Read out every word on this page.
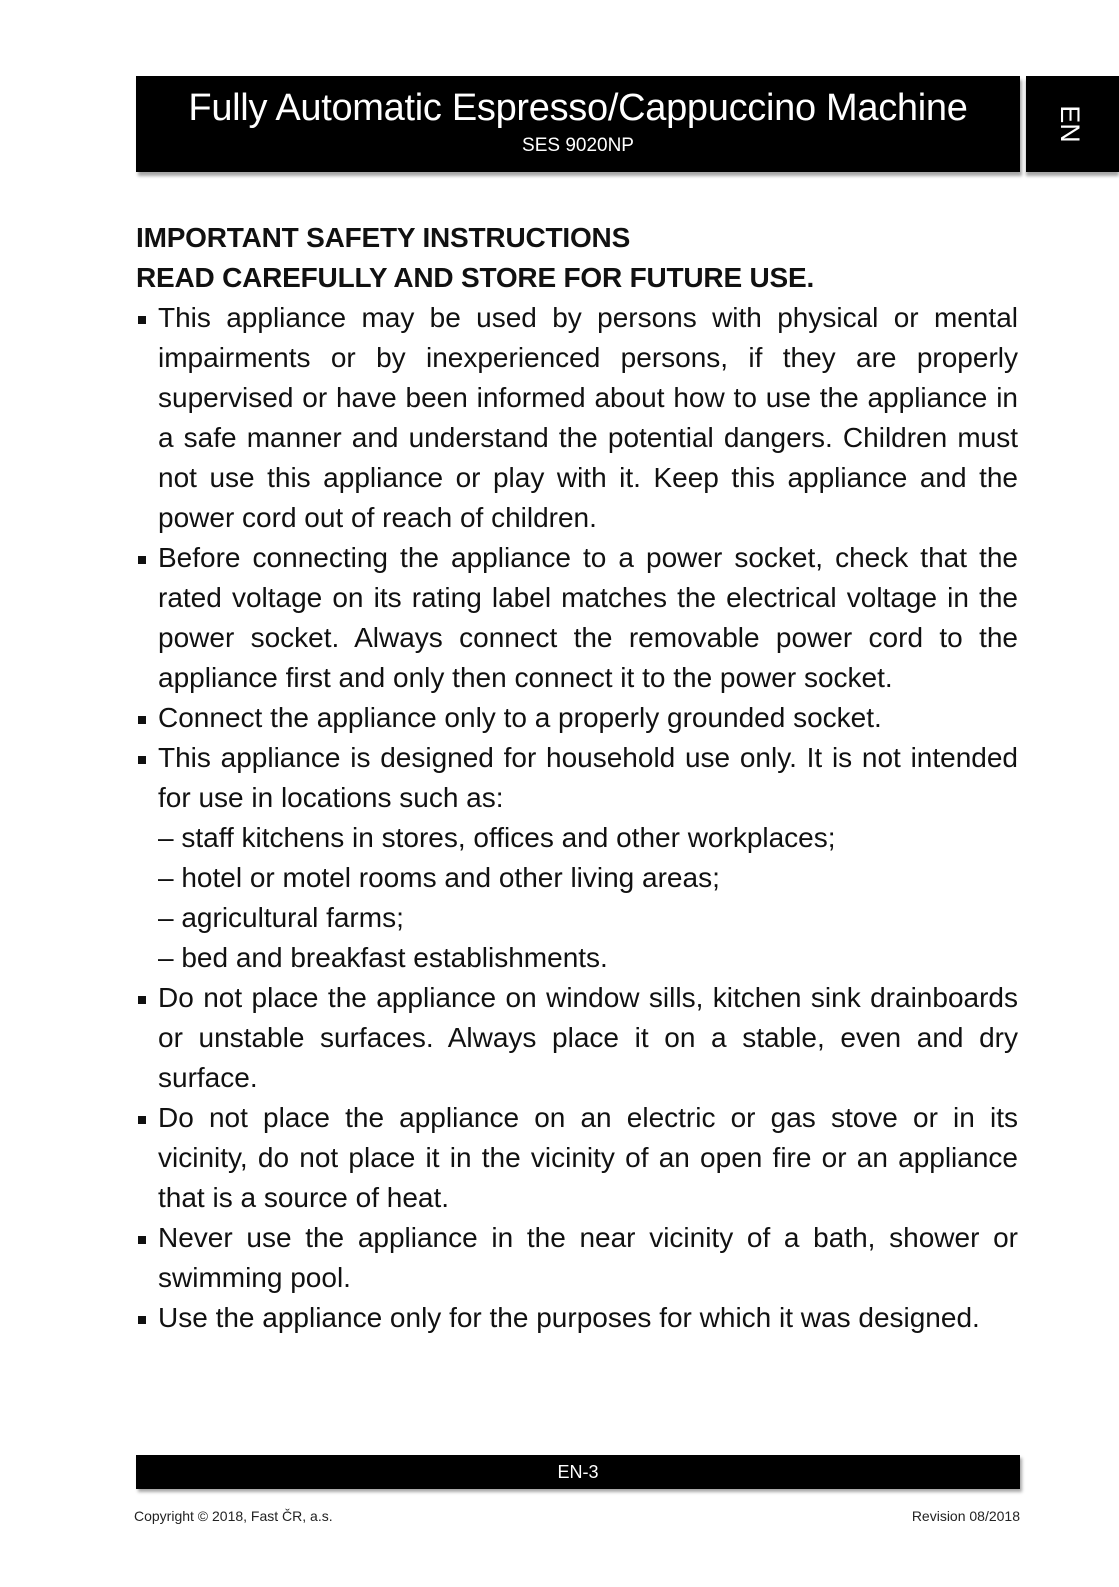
Fully Automatic Espresso/Cappuccino Machine
SES 9020NP
EN

IMPORTANT SAFETY INSTRUCTIONS

READ CAREFULLY AND STORE FOR FUTURE USE.

This appliance may be used by persons with physical or mental impairments or by inexperienced persons, if they are properly supervised or have been informed about how to use the appliance in a safe manner and understand the potential dangers. Children must not use this appliance or play with it. Keep this appliance and the power cord out of reach of children.
Before connecting the appliance to a power socket, check that the rated voltage on its rating label matches the electrical voltage in the power socket. Always connect the removable power cord to the appliance first and only then connect it to the power socket.
Connect the appliance only to a properly grounded socket.
This appliance is designed for household use only. It is not intended for use in locations such as:
– staff kitchens in stores, offices and other workplaces;
– hotel or motel rooms and other living areas;
– agricultural farms;
– bed and breakfast establishments.
Do not place the appliance on window sills, kitchen sink drainboards or unstable surfaces. Always place it on a stable, even and dry surface.
Do not place the appliance on an electric or gas stove or in its vicinity, do not place it in the vicinity of an open fire or an appliance that is a source of heat.
Never use the appliance in the near vicinity of a bath, shower or swimming pool.
Use the appliance only for the purposes for which it was designed.
EN-3
Copyright © 2018, Fast ČR, a.s.	Revision 08/2018
